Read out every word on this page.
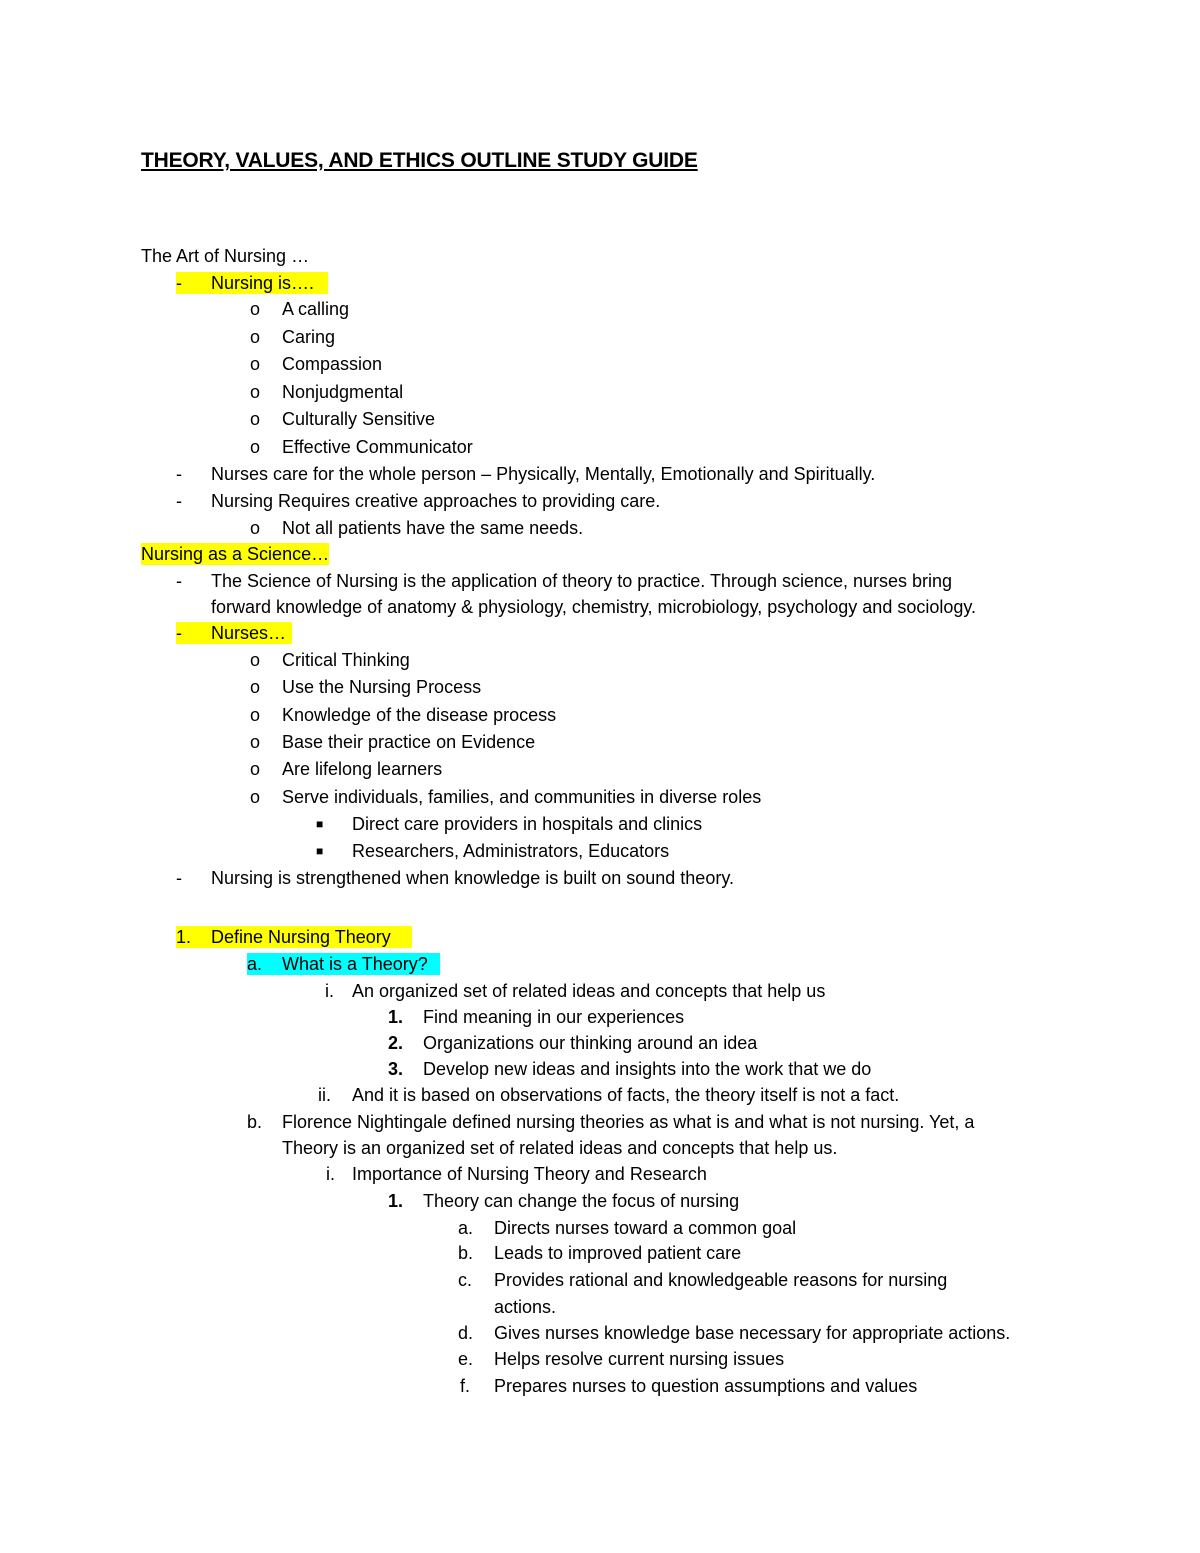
THEORY, VALUES, AND ETHICS OUTLINE STUDY GUIDE
The Art of Nursing …
- Nursing is….
o A calling
o Caring
o Compassion
o Nonjudgmental
o Culturally Sensitive
o Effective Communicator
- Nurses care for the whole person – Physically, Mentally, Emotionally and Spiritually.
- Nursing Requires creative approaches to providing care.
o Not all patients have the same needs.
Nursing as a Science…
- The Science of Nursing is the application of theory to practice. Through science, nurses bring
forward knowledge of anatomy & physiology, chemistry, microbiology, psychology and sociology.
- Nurses…
o Critical Thinking
o Use the Nursing Process
o Knowledge of the disease process
o Base their practice on Evidence
o Are lifelong learners
o Serve individuals, families, and communities in diverse roles
■ Direct care providers in hospitals and clinics
■ Researchers, Administrators, Educators
- Nursing is strengthened when knowledge is built on sound theory.
1. Define Nursing Theory
a. What is a Theory?
i. An organized set of related ideas and concepts that help us
1. Find meaning in our experiences
2. Organizations our thinking around an idea
3. Develop new ideas and insights into the work that we do
ii. And it is based on observations of facts, the theory itself is not a fact.
b. Florence Nightingale defined nursing theories as what is and what is not nursing. Yet, a
Theory is an organized set of related ideas and concepts that help us.
i. Importance of Nursing Theory and Research
1. Theory can change the focus of nursing
a. Directs nurses toward a common goal
b. Leads to improved patient care
c. Provides rational and knowledgeable reasons for nursing
actions.
d. Gives nurses knowledge base necessary for appropriate actions.
e. Helps resolve current nursing issues
f. Prepares nurses to question assumptions and values
